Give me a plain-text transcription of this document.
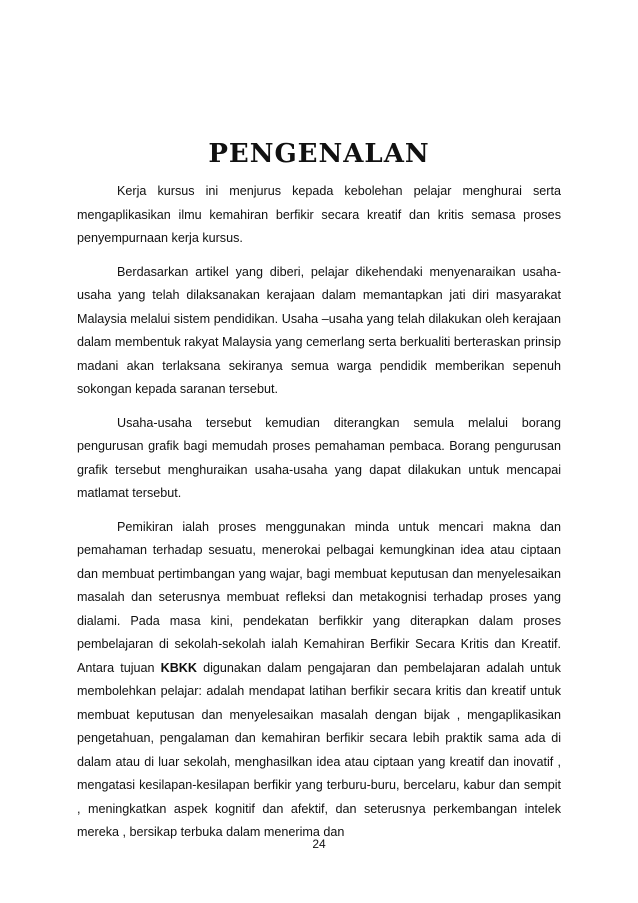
PENGENALAN

Kerja kursus ini menjurus kepada kebolehan pelajar menghurai serta mengaplikasikan ilmu kemahiran berfikir secara kreatif dan kritis semasa proses penyempurnaan kerja kursus.

Berdasarkan artikel yang diberi, pelajar dikehendaki menyenaraikan usaha-usaha yang telah dilaksanakan kerajaan dalam memantapkan jati diri masyarakat Malaysia melalui sistem pendidikan. Usaha –usaha yang telah dilakukan oleh kerajaan dalam membentuk rakyat Malaysia yang cemerlang serta berkualiti berteraskan prinsip madani akan terlaksana sekiranya semua warga pendidik memberikan sepenuh sokongan kepada saranan tersebut.

Usaha-usaha tersebut kemudian diterangkan semula melalui borang pengurusan grafik bagi memudah proses pemahaman pembaca. Borang pengurusan grafik tersebut menghuraikan usaha-usaha yang dapat dilakukan untuk mencapai matlamat tersebut.

Pemikiran ialah proses menggunakan minda untuk mencari makna dan pemahaman terhadap sesuatu, menerokai pelbagai kemungkinan idea atau ciptaan dan membuat pertimbangan yang wajar, bagi membuat keputusan dan menyelesaikan masalah dan seterusnya membuat refleksi dan metakognisi terhadap proses yang dialami. Pada masa kini, pendekatan berfikkir yang diterapkan dalam proses pembelajaran di sekolah-sekolah ialah Kemahiran Berfikir Secara Kritis dan Kreatif. Antara tujuan KBKK digunakan dalam pengajaran dan pembelajaran adalah untuk membolehkan pelajar: adalah mendapat latihan berfikir secara kritis dan kreatif untuk membuat keputusan dan menyelesaikan masalah dengan bijak , mengaplikasikan pengetahuan, pengalaman dan kemahiran berfikir secara lebih praktik sama ada di dalam atau di luar sekolah, menghasilkan idea atau ciptaan yang kreatif dan inovatif , mengatasi kesilapan-kesilapan berfikir yang terburu-buru, bercelaru, kabur dan sempit , meningkatkan aspek kognitif dan afektif, dan seterusnya perkembangan intelek mereka , bersikap terbuka dalam menerima dan

24
